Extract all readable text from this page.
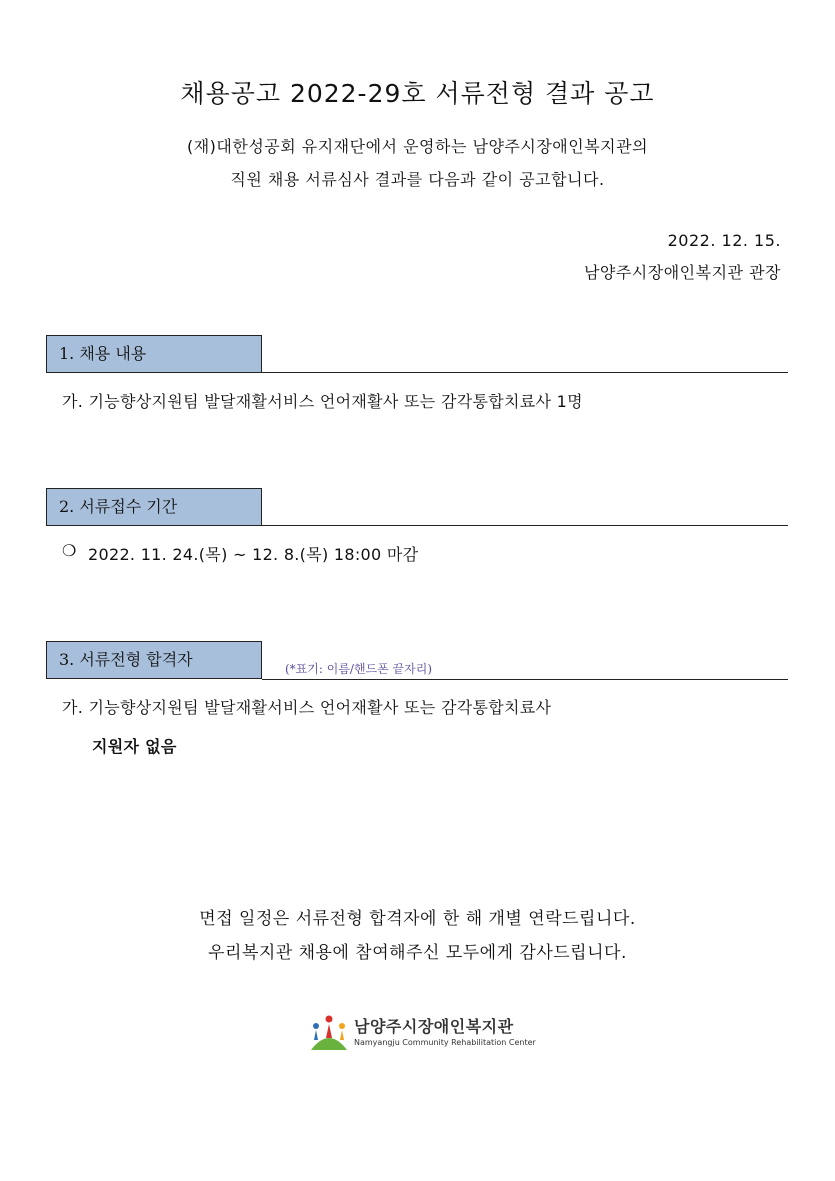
채용공고 2022-29호 서류전형 결과 공고
(재)대한성공회 유지재단에서 운영하는 남양주시장애인복지관의
직원 채용 서류심사 결과를 다음과 같이 공고합니다.
2022. 12. 15.
남양주시장애인복지관 관장
1. 채용 내용
가. 기능향상지원팀 발달재활서비스 언어재활사 또는 감각통합치료사 1명
2. 서류접수 기간
❍ 2022. 11. 24.(목) ~ 12. 8.(목) 18:00 마감
3. 서류전형 합격자	(*표기: 이름/핸드폰 끝자리)
가. 기능향상지원팀 발달재활서비스 언어재활사 또는 감각통합치료사
지원자 없음
면접 일정은 서류전형 합격자에 한 해 개별 연락드립니다.
우리복지관 채용에 참여해주신 모두에게 감사드립니다.
남양주시장애인복지관
Namyangju Community Rehabilitation Center
